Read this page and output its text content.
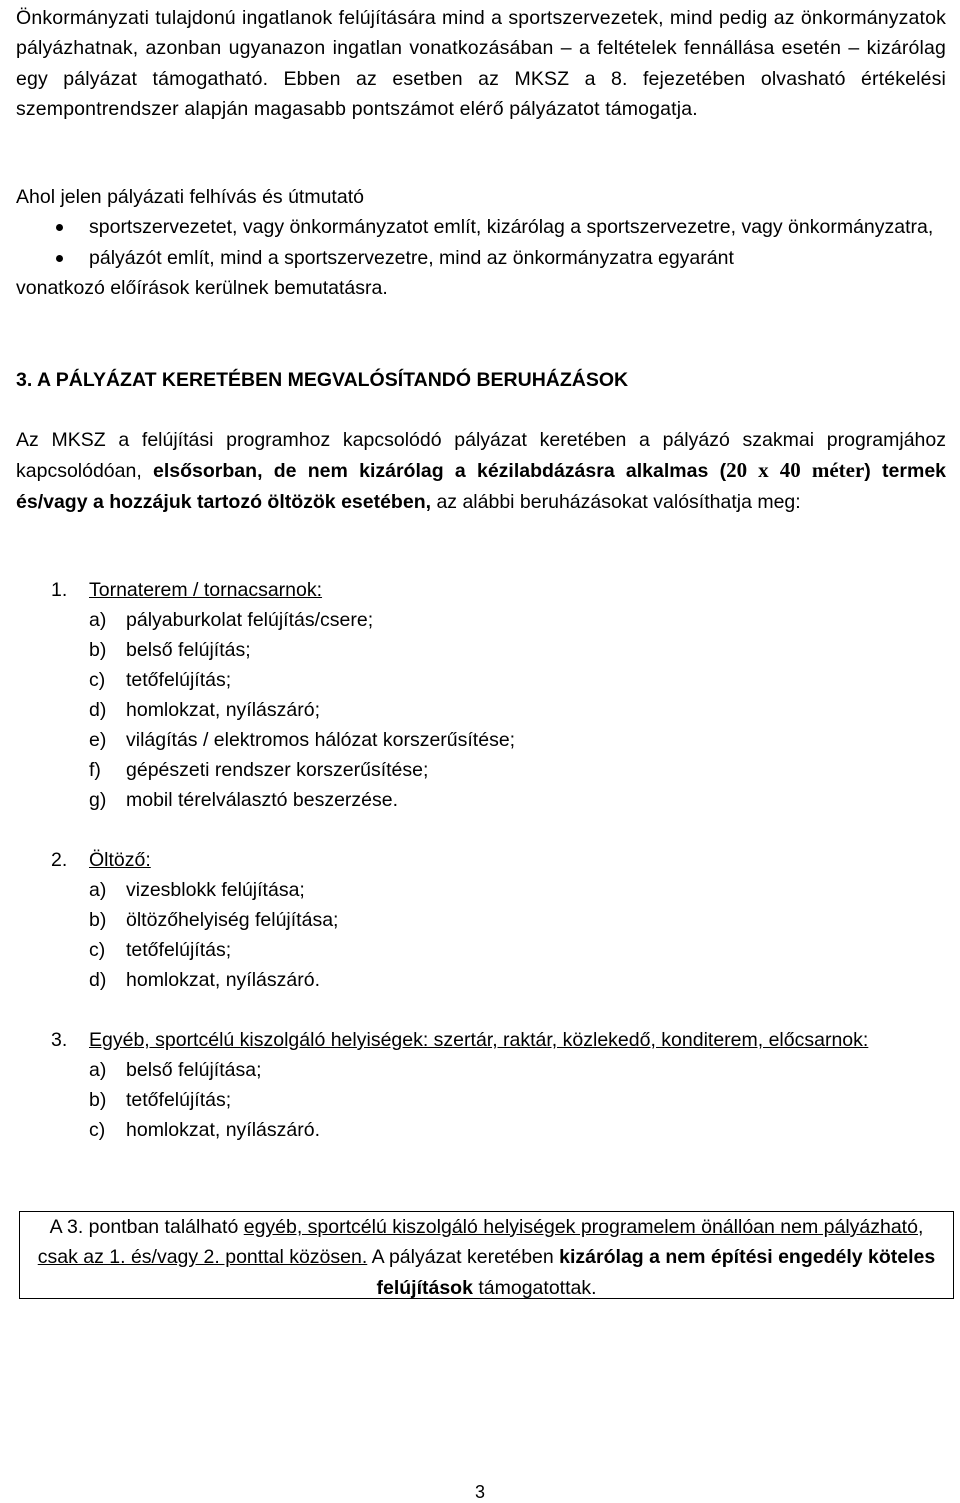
Önkormányzati tulajdonú ingatlanok felújítására mind a sportszervezetek, mind pedig az önkormányzatok pályázhatnak, azonban ugyanazon ingatlan vonatkozásában – a feltételek fennállása esetén – kizárólag egy pályázat támogatható. Ebben az esetben az MKSZ a 8. fejezetében olvasható értékelési szempontrendszer alapján magasabb pontszámot elérő pályázatot támogatja.

Ahol jelen pályázati felhívás és útmutató

sportszervezetet, vagy önkormányzatot említ, kizárólag a sportszervezetre, vagy önkormányzatra,
pályázót említ, mind a sportszervezetre, mind az önkormányzatra egyaránt

vonatkozó előírások kerülnek bemutatásra.

3. A PÁLYÁZAT KERETÉBEN MEGVALÓSÍTANDÓ BERUHÁZÁSOK

Az MKSZ a felújítási programhoz kapcsolódó pályázat keretében a pályázó szakmai programjához kapcsolódóan, elsősorban, de nem kizárólag a kézilabdázásra alkalmas (20 x 40 méter) termek és/vagy a hozzájuk tartozó öltözök esetében, az alábbi beruházásokat valósíthatja meg:

1. Tornaterem / tornacsarnok:
a) pályaburkolat felújítás/csere;
b) belső felújítás;
c) tetőfelújítás;
d) homlokzat, nyílászáró;
e) világítás / elektromos hálózat korszerűsítése;
f) gépészeti rendszer korszerűsítése;
g) mobil térelválasztó beszerzése.
2. Öltöző:
a) vizesblokk felújítása;
b) öltözőhelyiség felújítása;
c) tetőfelújítás;
d) homlokzat, nyílászáró.
3. Egyéb, sportcélú kiszolgáló helyiségek: szertár, raktár, közlekedő, konditerem, előcsarnok:
a) belső felújítása;
b) tetőfelújítás;
c) homlokzat, nyílászáró.
A 3. pontban található egyéb, sportcélú kiszolgáló helyiségek programelem önállóan nem pályázható, csak az 1. és/vagy 2. ponttal közösen. A pályázat keretében kizárólag a nem építési engedély köteles felújítások támogatottak.
3
